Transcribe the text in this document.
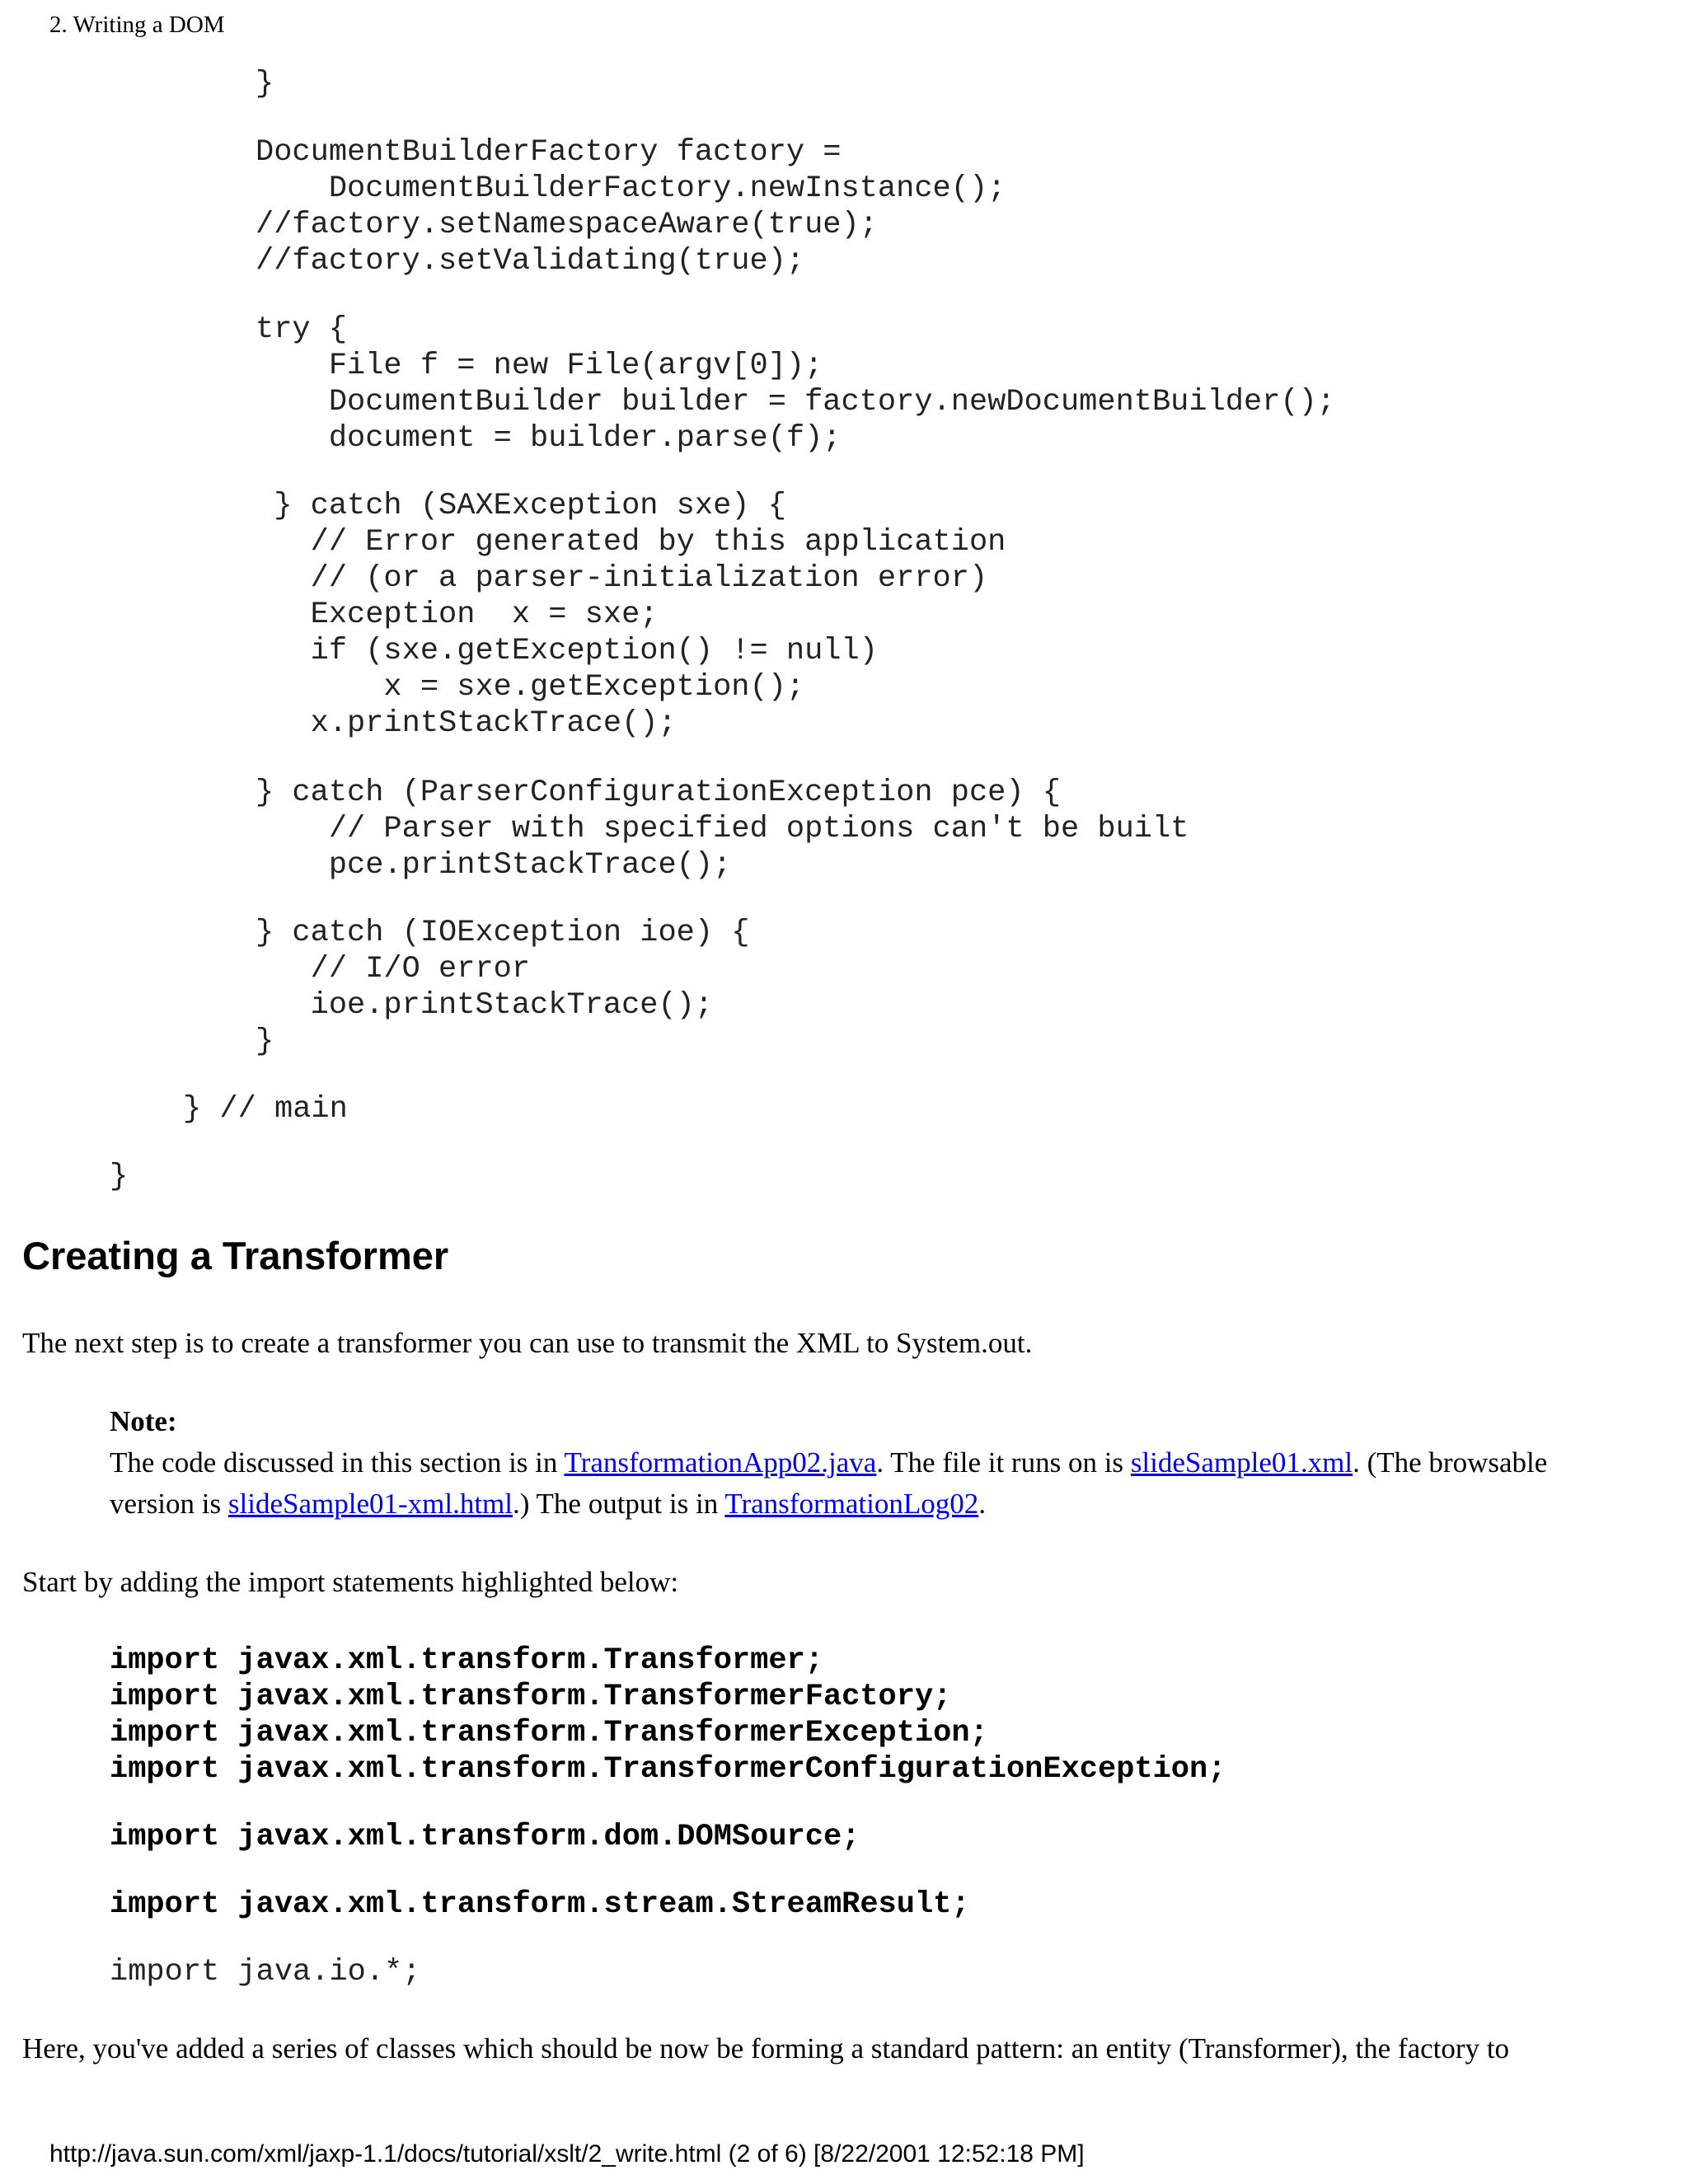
2. Writing a DOM
}
DocumentBuilderFactory factory =
DocumentBuilderFactory.newInstance();
//factory.setNamespaceAware(true);
//factory.setValidating(true);
try {
File f = new File(argv[0]);
DocumentBuilder builder = factory.newDocumentBuilder();
document = builder.parse(f);
} catch (SAXException sxe) {
// Error generated by this application
// (or a parser-initialization error)
Exception  x = sxe;
if (sxe.getException() != null)
x = sxe.getException();
x.printStackTrace();
} catch (ParserConfigurationException pce) {
// Parser with specified options can't be built
pce.printStackTrace();
} catch (IOException ioe) {
// I/O error
ioe.printStackTrace();
}
} // main
}
Creating a Transformer

The next step is to create a transformer you can use to transmit the XML to System.out.

Note:
The code discussed in this section is in TransformationApp02.java. The file it runs on is slideSample01.xml. (The browsable version is slideSample01-xml.html.) The output is in TransformationLog02.

Start by adding the import statements highlighted below:

import javax.xml.transform.Transformer;
import javax.xml.transform.TransformerFactory;
import javax.xml.transform.TransformerException;
import javax.xml.transform.TransformerConfigurationException;
import javax.xml.transform.dom.DOMSource;
import javax.xml.transform.stream.StreamResult;
import java.io.*;

Here, you've added a series of classes which should be now be forming a standard pattern: an entity (Transformer), the factory to

http://java.sun.com/xml/jaxp-1.1/docs/tutorial/xslt/2_write.html (2 of 6) [8/22/2001 12:52:18 PM]
